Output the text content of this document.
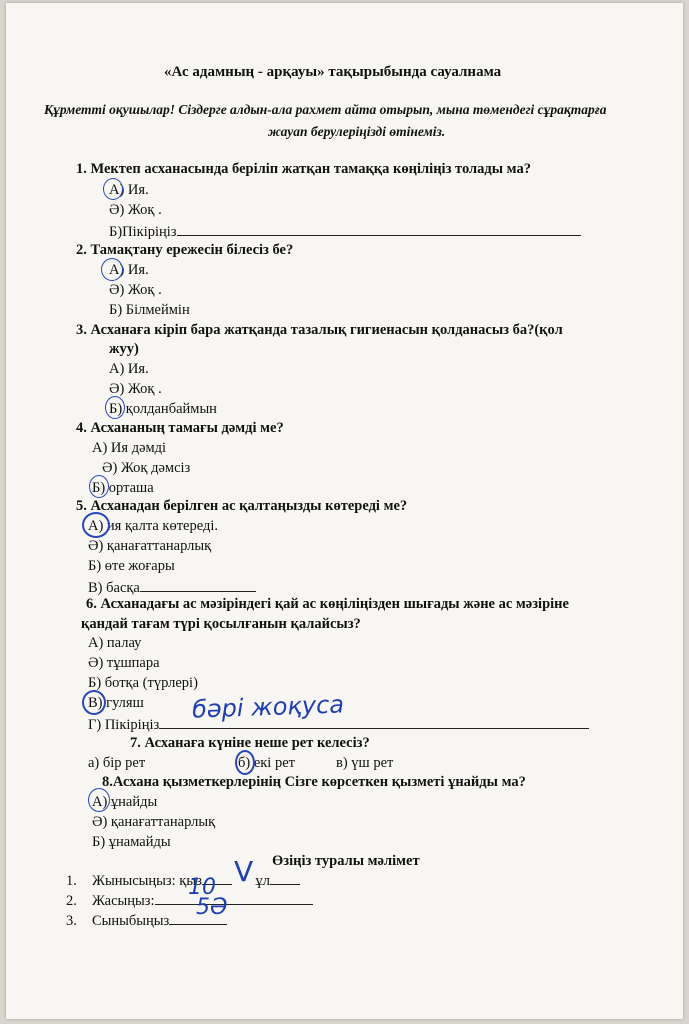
«Ас адамның - арқауы» тақырыбында сауалнама
Құрметті оқушылар! Сіздерге алдын-ала рахмет айта отырып, мына төмендегі сұрақтарға
жауап берулеріңізді өтінеміз.
1. Мектеп асханасында беріліп жатқан тамаққа көңіліңіз толады ма?
А) Ия.
Ә) Жоқ .
Б)Пікіріңіз
2. Тамақтану ережесін білесіз бе?
А) Ия.
Ә) Жоқ .
Б) Білмеймін
3. Асханаға кіріп бара жатқанда тазалық гигиенасын қолданасыз ба?(қол
жуу)
А) Ия.
Ә) Жоқ .
Б) қолданбаймын
4. Асхананың тамағы дәмді ме?
А) Ия дәмді
Ә) Жоқ дәмсіз
Б) орташа
5. Асханадан берілген ас қалтаңызды көтереді ме?
А) ия қалта көтереді.
Ә) қанағаттанарлық
Б) өте жоғары
В) басқа
6. Асханадағы ас мәзіріндегі қай ас көңіліңізден шығады және ас мәзіріне
қандай тағам түрі қосылғанын қалайсыз?
А) палау
Ә) тұшпара
Б) ботқа (түрлері)
В) гуляш
Г) Пікіріңіз
бәрі жоқуса
7. Асханаға күніне неше рет келесіз?
а) бір рет	б) екі рет	в) үш рет
8.Асхана қызметкерлерінің Сізге көрсеткен қызметі ұнайды ма?
А) ұнайды
Ә) қанағаттанарлық
Б) ұнамайды
Өзіңіз туралы мәлімет
1. Жынысыңыз: қыз	ұл
V
2. Жасыңыз:
10
3. Сыныбыңыз
5Ә
